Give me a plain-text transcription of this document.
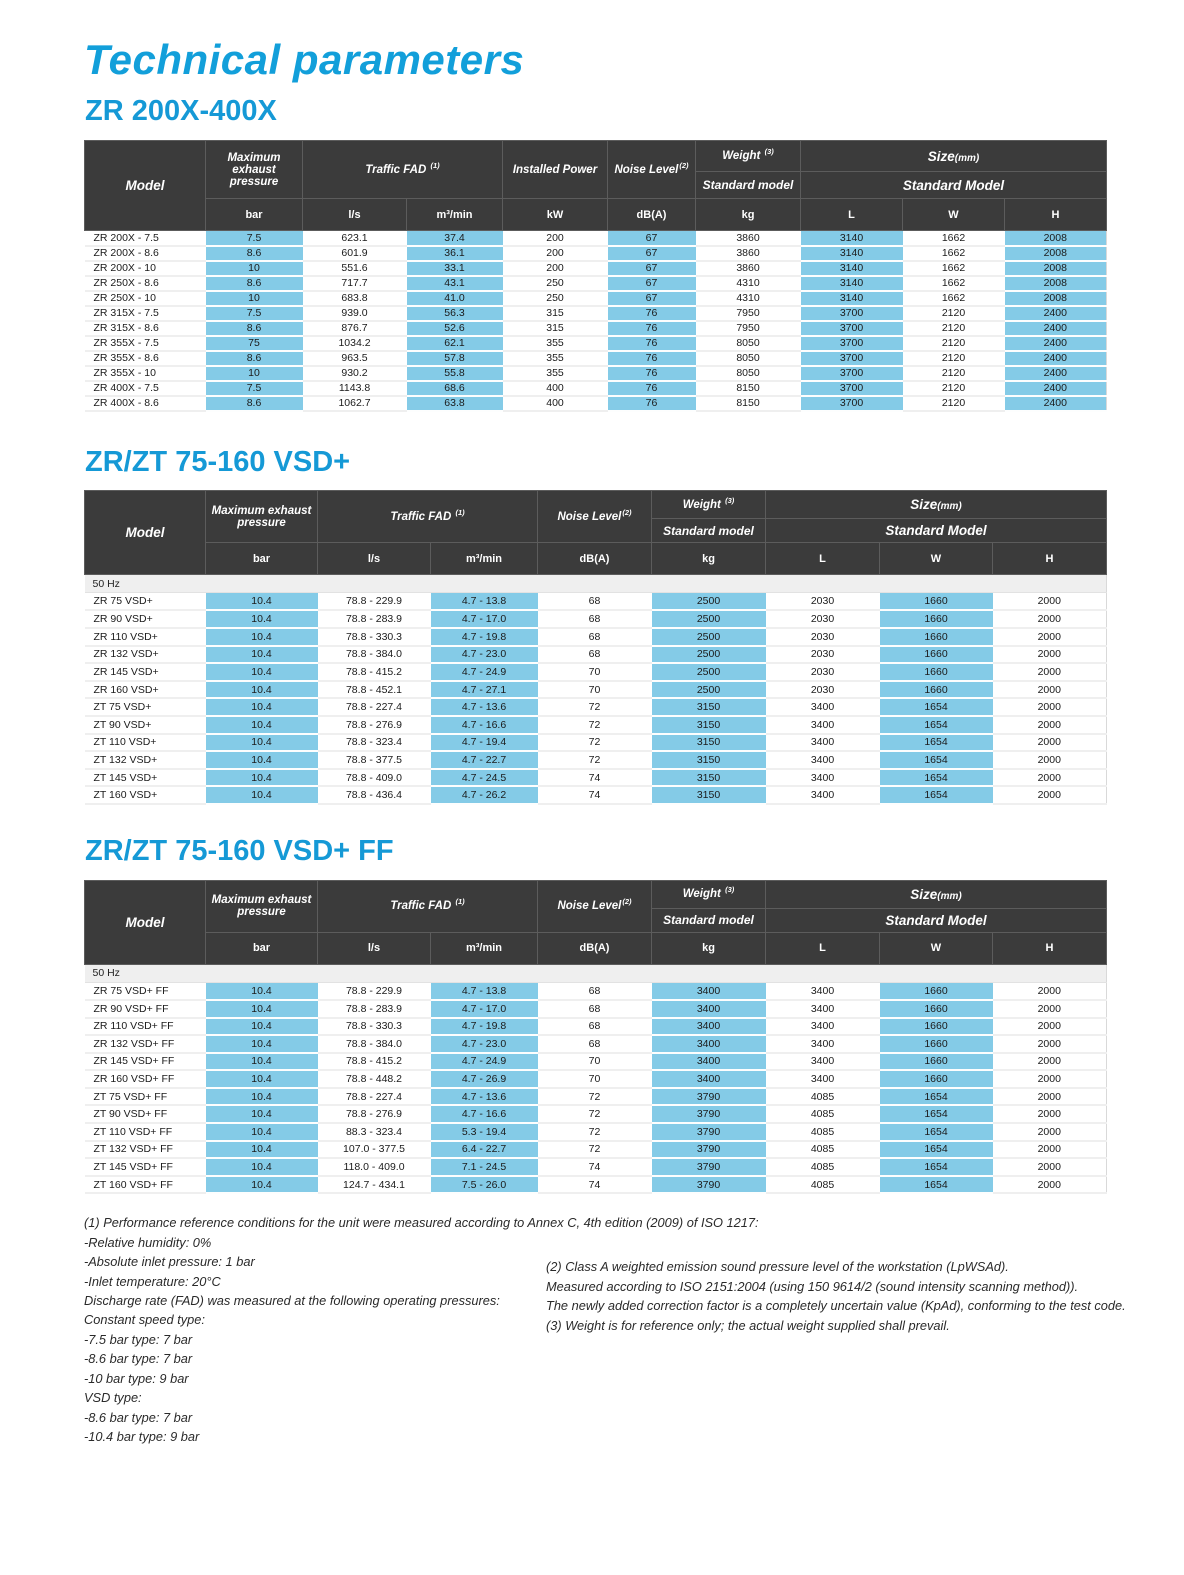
Technical parameters
ZR 200X-400X
Model	Maximum exhaust pressure	Traffic FAD $^{(1)}$		Installed Power	Noise Level$^{(2)}$	Weight $^{(3)}$	Size(mm)		
						Standard model	Standard Model		
	bar	l/s	m³/min	kW	dB(A)	kg	L	W	H
ZR 200X - 7.5	7.5	623.1	37.4	200	67	3860	3140	1662	2008
ZR 200X - 8.6	8.6	601.9	36.1	200	67	3860	3140	1662	2008
ZR 200X - 10	10	551.6	33.1	200	67	3860	3140	1662	2008
ZR 250X - 8.6	8.6	717.7	43.1	250	67	4310	3140	1662	2008
ZR 250X - 10	10	683.8	41.0	250	67	4310	3140	1662	2008
ZR 315X - 7.5	7.5	939.0	56.3	315	76	7950	3700	2120	2400
ZR 315X - 8.6	8.6	876.7	52.6	315	76	7950	3700	2120	2400
ZR 355X - 7.5	75	1034.2	62.1	355	76	8050	3700	2120	2400
ZR 355X - 8.6	8.6	963.5	57.8	355	76	8050	3700	2120	2400
ZR 355X - 10	10	930.2	55.8	355	76	8050	3700	2120	2400
ZR 400X - 7.5	7.5	1143.8	68.6	400	76	8150	3700	2120	2400
ZR 400X - 8.6	8.6	1062.7	63.8	400	76	8150	3700	2120	2400
ZR/ZT 75-160 VSD+
Model	Maximum exhaust pressure	Traffic FAD $^{(1)}$		Noise Level$^{(2)}$	Weight $^{(3)}$	Size(mm)		
					Standard model	Standard Model		
	bar	l/s	m³/min	dB(A)	kg	L	W	H
50 Hz								
ZR 75 VSD+	10.4	78.8 - 229.9	4.7 - 13.8	68	2500	2030	1660	2000
ZR 90 VSD+	10.4	78.8 - 283.9	4.7 - 17.0	68	2500	2030	1660	2000
ZR 110 VSD+	10.4	78.8 - 330.3	4.7 - 19.8	68	2500	2030	1660	2000
ZR 132 VSD+	10.4	78.8 - 384.0	4.7 - 23.0	68	2500	2030	1660	2000
ZR 145 VSD+	10.4	78.8 - 415.2	4.7 - 24.9	70	2500	2030	1660	2000
ZR 160 VSD+	10.4	78.8 - 452.1	4.7 - 27.1	70	2500	2030	1660	2000
ZT 75 VSD+	10.4	78.8 - 227.4	4.7 - 13.6	72	3150	3400	1654	2000
ZT 90 VSD+	10.4	78.8 - 276.9	4.7 - 16.6	72	3150	3400	1654	2000
ZT 110 VSD+	10.4	78.8 - 323.4	4.7 - 19.4	72	3150	3400	1654	2000
ZT 132 VSD+	10.4	78.8 - 377.5	4.7 - 22.7	72	3150	3400	1654	2000
ZT 145 VSD+	10.4	78.8 - 409.0	4.7 - 24.5	74	3150	3400	1654	2000
ZT 160 VSD+	10.4	78.8 - 436.4	4.7 - 26.2	74	3150	3400	1654	2000
ZR/ZT 75-160 VSD+ FF
Model	Maximum exhaust pressure	Traffic FAD $^{(1)}$		Noise Level$^{(2)}$	Weight $^{(3)}$	Size(mm)		
					Standard model	Standard Model		
	bar	l/s	m³/min	dB(A)	kg	L	W	H
50 Hz								
ZR 75 VSD+ FF	10.4	78.8 - 229.9	4.7 - 13.8	68	3400	3400	1660	2000
ZR 90 VSD+ FF	10.4	78.8 - 283.9	4.7 - 17.0	68	3400	3400	1660	2000
ZR 110 VSD+ FF	10.4	78.8 - 330.3	4.7 - 19.8	68	3400	3400	1660	2000
ZR 132 VSD+ FF	10.4	78.8 - 384.0	4.7 - 23.0	68	3400	3400	1660	2000
ZR 145 VSD+ FF	10.4	78.8 - 415.2	4.7 - 24.9	70	3400	3400	1660	2000
ZR 160 VSD+ FF	10.4	78.8 - 448.2	4.7 - 26.9	70	3400	3400	1660	2000
ZT 75 VSD+ FF	10.4	78.8 - 227.4	4.7 - 13.6	72	3790	4085	1654	2000
ZT 90 VSD+ FF	10.4	78.8 - 276.9	4.7 - 16.6	72	3790	4085	1654	2000
ZT 110 VSD+ FF	10.4	88.3 - 323.4	5.3 - 19.4	72	3790	4085	1654	2000
ZT 132 VSD+ FF	10.4	107.0 - 377.5	6.4 - 22.7	72	3790	4085	1654	2000
ZT 145 VSD+ FF	10.4	118.0 - 409.0	7.1 - 24.5	74	3790	4085	1654	2000
ZT 160 VSD+ FF	10.4	124.7 - 434.1	7.5 - 26.0	74	3790	4085	1654	2000

(1) Performance reference conditions for the unit were measured according to Annex C, 4th edition (2009) of ISO 1217:

-Relative humidity: 0%

-Absolute inlet pressure: 1 bar

-Inlet temperature: 20°C

Discharge rate (FAD) was measured at the following operating pressures:

Constant speed type:

-7.5 bar type: 7 bar

-8.6 bar type: 7 bar

-10 bar type: 9 bar

VSD type:

-8.6 bar type: 7 bar

-10.4 bar type: 9 bar

(2) Class A weighted emission sound pressure level of the workstation (LpWSAd).

Measured according to ISO 2151:2004 (using 150 9614/2 (sound intensity scanning method)).

The newly added correction factor is a completely uncertain value (KpAd), conforming to the test code.

(3) Weight is for reference only; the actual weight supplied shall prevail.
